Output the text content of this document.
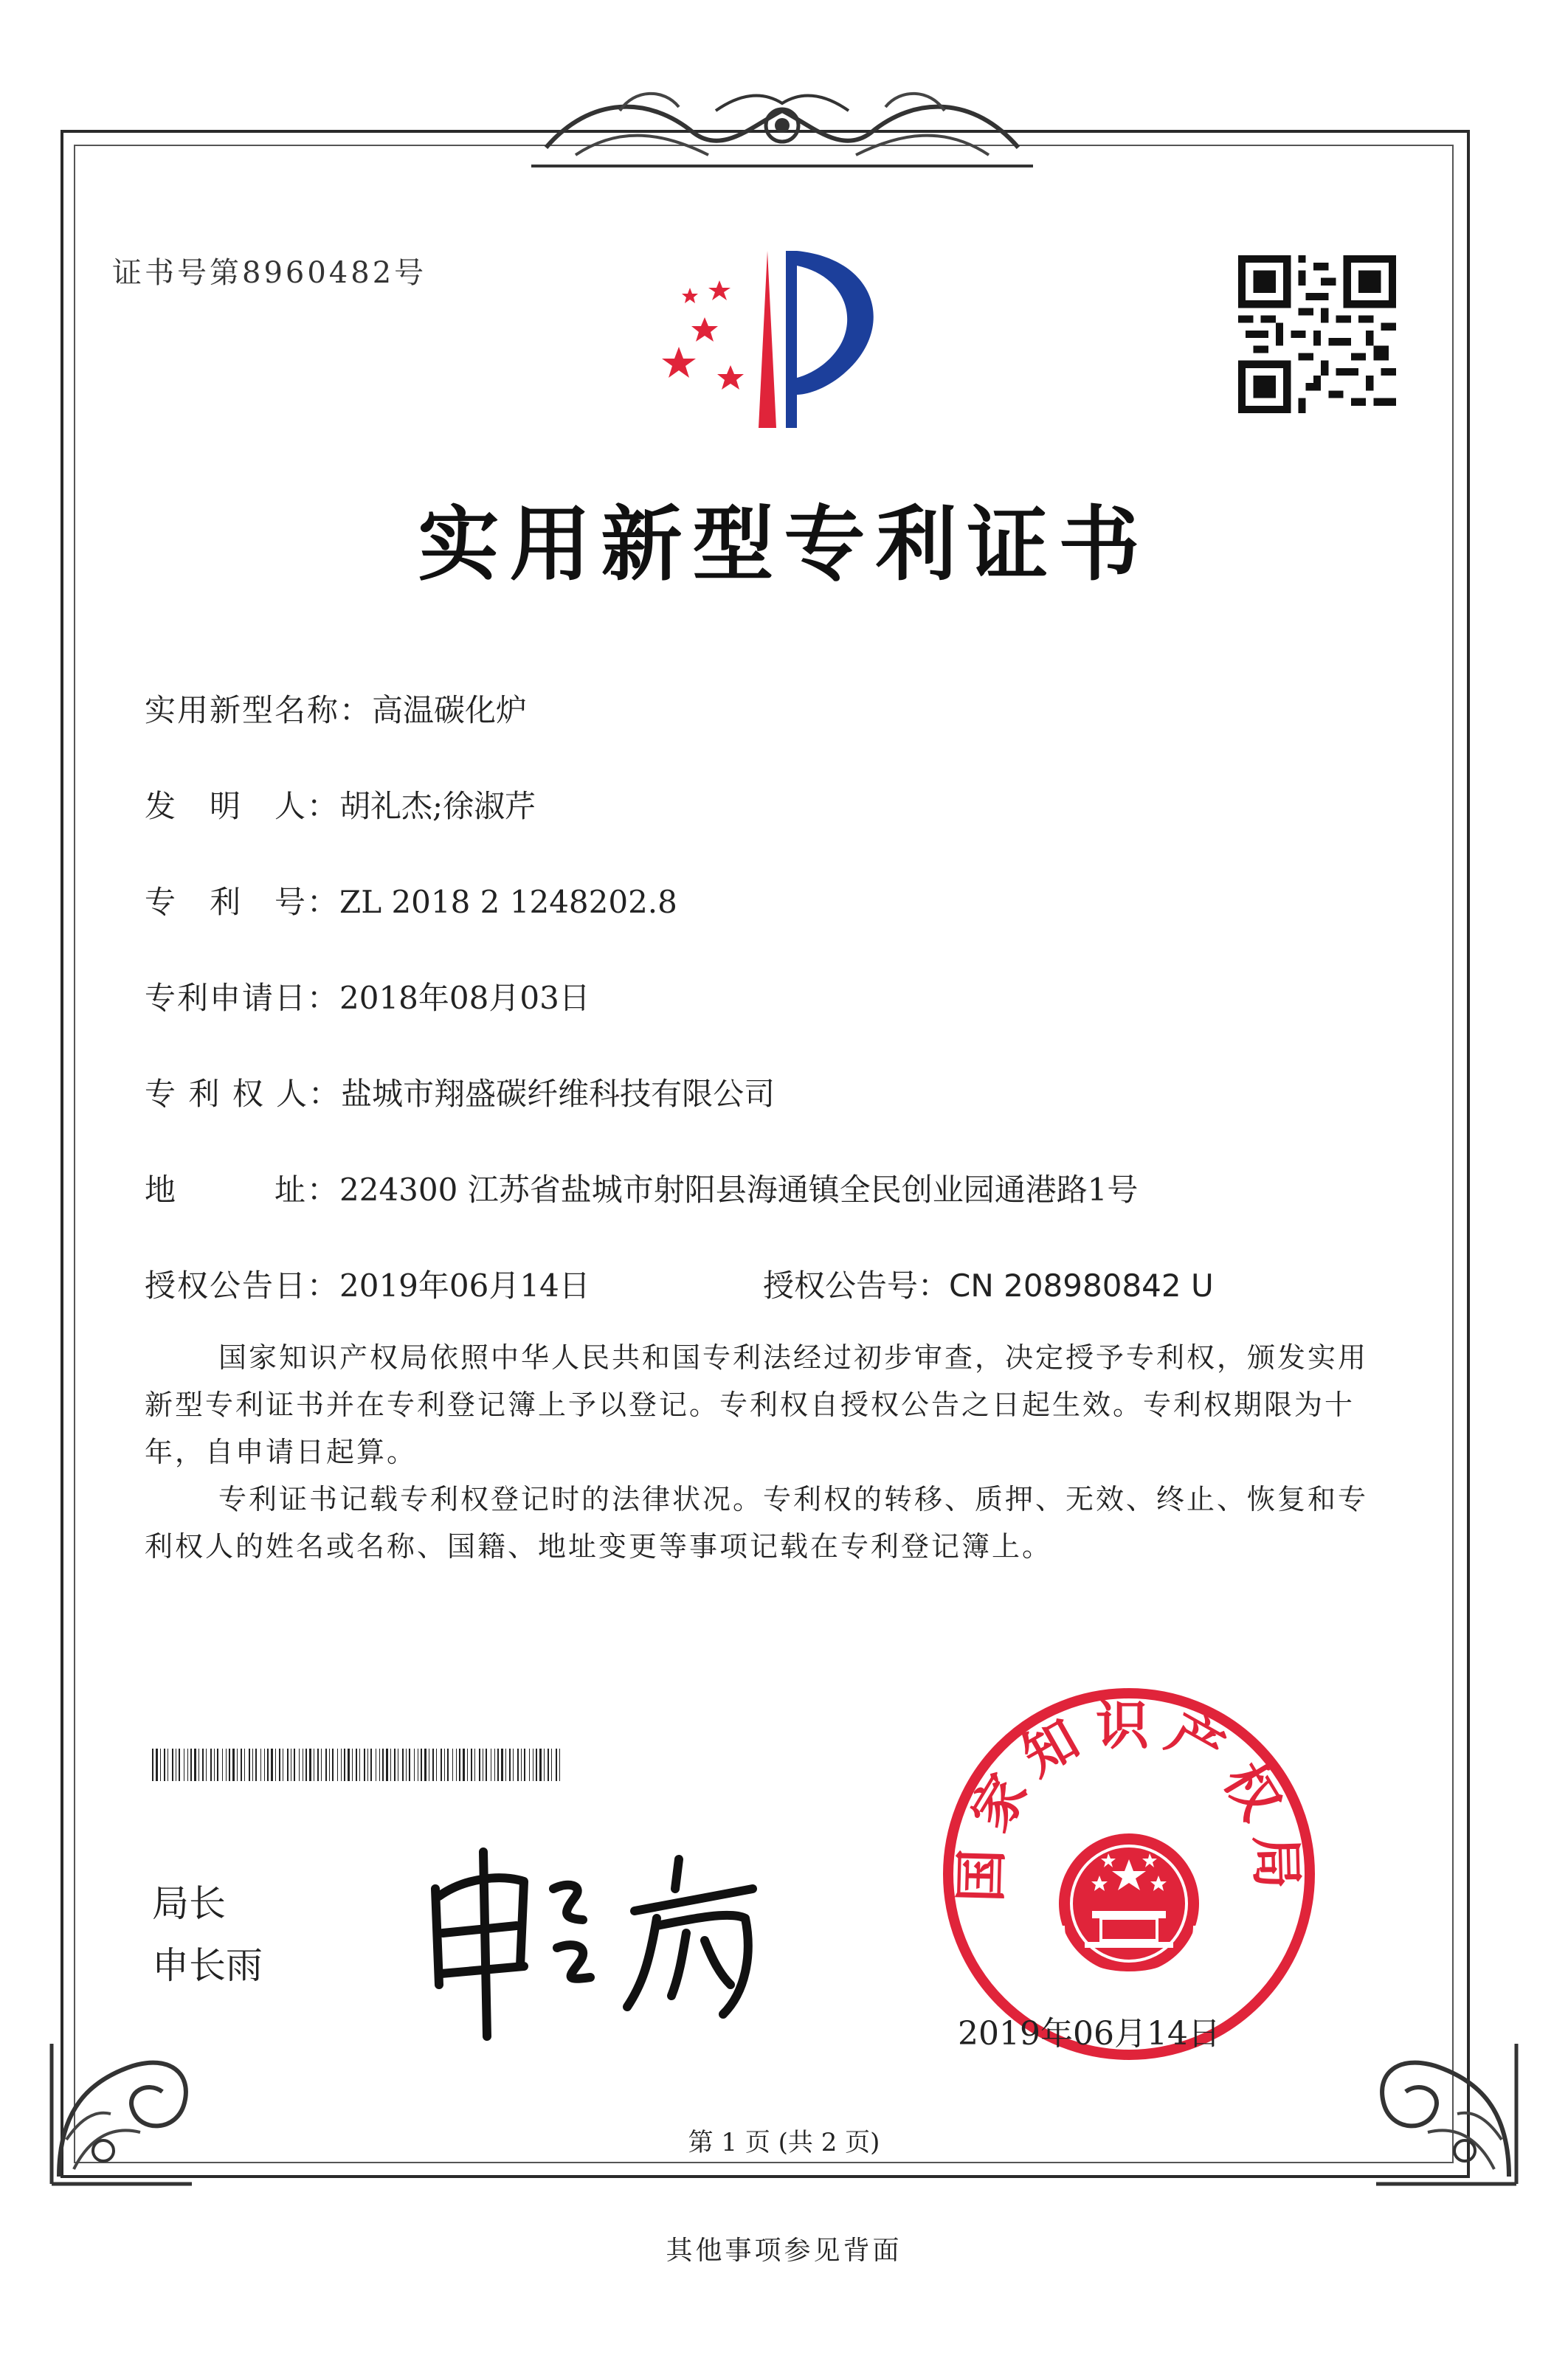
证书号第8960482号
实用新型专利证书
实用新型名称：高温碳化炉
发　明　人：胡礼杰;徐淑芹
专　利　号：ZL 2018 2 1248202.8
专利申请日：2018年08月03日
专 利 权 人：盐城市翔盛碳纤维科技有限公司
地　　　址：224300 江苏省盐城市射阳县海通镇全民创业园通港路1号
授权公告日：2019年06月14日	授权公告号：CN 208980842 U
国家知识产权局依照中华人民共和国专利法经过初步审查，决定授予专利权，颁发实用新型专利证书并在专利登记簿上予以登记。专利权自授权公告之日起生效。专利权期限为十年，自申请日起算。
专利证书记载专利权登记时的法律状况。专利权的转移、质押、无效、终止、恢复和专利权人的姓名或名称、国籍、地址变更等事项记载在专利登记簿上。
局长
申长雨
国家知识产权局
2019年06月14日
第 1 页 (共 2 页)
其他事项参见背面
